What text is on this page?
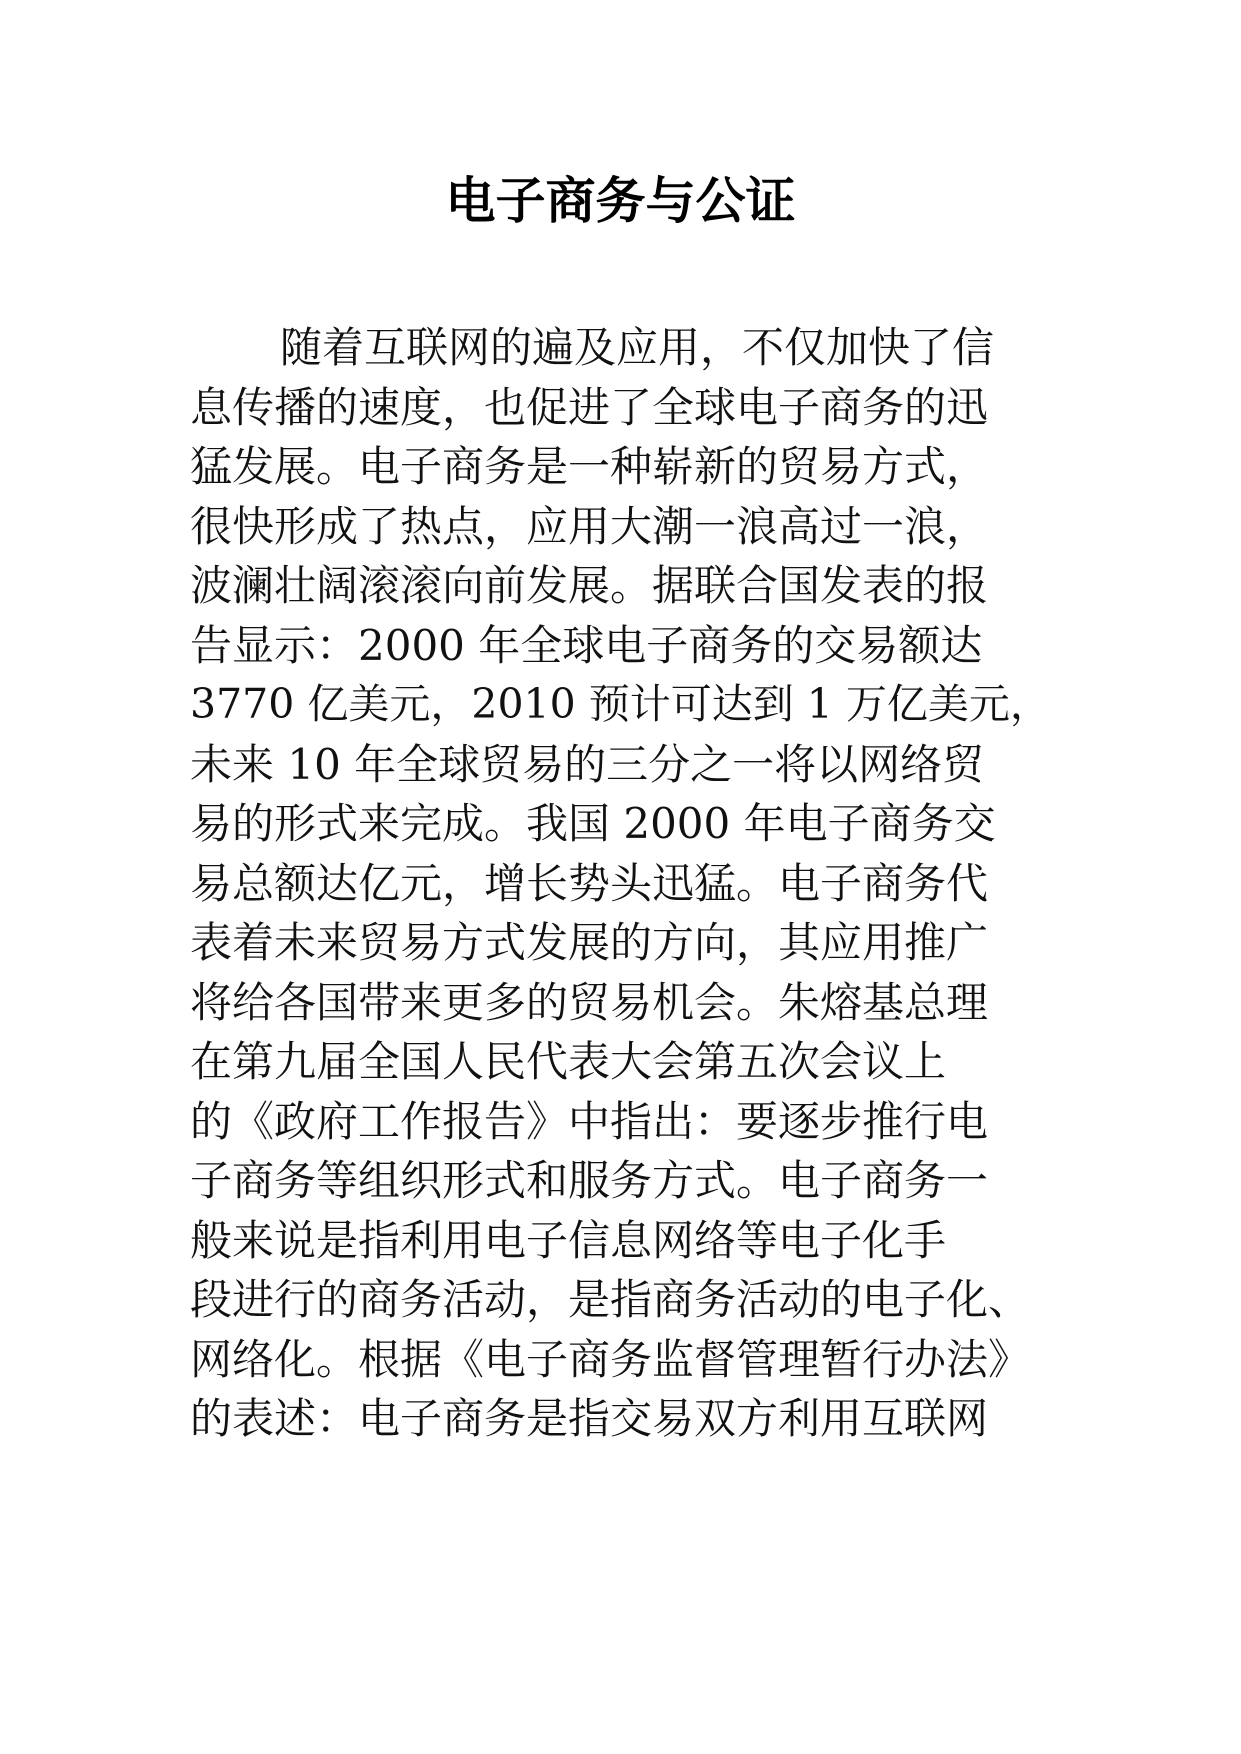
电子商务与公证
随着互联网的遍及应用，不仅加快了信
息传播的速度，也促进了全球电子商务的迅
猛发展。电子商务是一种崭新的贸易方式，
很快形成了热点，应用大潮一浪高过一浪，
波澜壮阔滚滚向前发展。据联合国发表的报
告显示：2000 年全球电子商务的交易额达
3770 亿美元，2010 预计可达到 1 万亿美元，
未来 10 年全球贸易的三分之一将以网络贸
易的形式来完成。我国 2000 年电子商务交
易总额达亿元，增长势头迅猛。电子商务代
表着未来贸易方式发展的方向，其应用推广
将给各国带来更多的贸易机会。朱熔基总理
在第九届全国人民代表大会第五次会议上
的《政府工作报告》中指出：要逐步推行电
子商务等组织形式和服务方式。电子商务一
般来说是指利用电子信息网络等电子化手
段进行的商务活动，是指商务活动的电子化、
网络化。根据《电子商务监督管理暂行办法》
的表述：电子商务是指交易双方利用互联网
